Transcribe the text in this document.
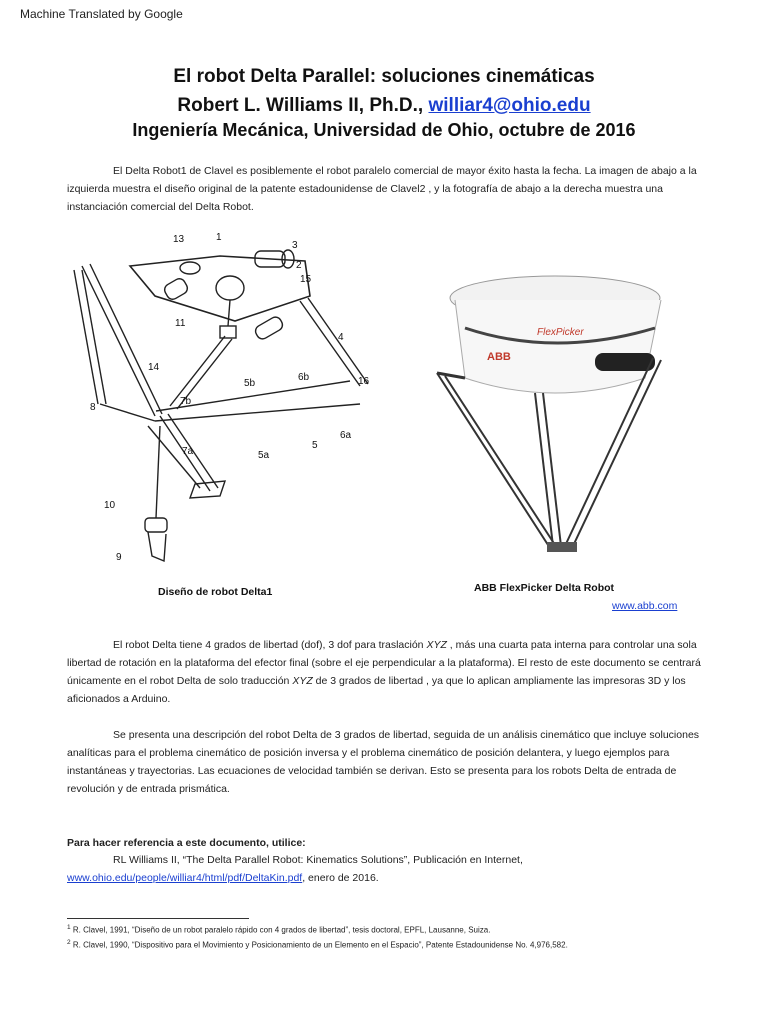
Machine Translated by Google
El robot Delta Parallel: soluciones cinemáticas
Robert L. Williams II, Ph.D., williar4@ohio.edu
Ingeniería Mecánica, Universidad de Ohio, octubre de 2016
El Delta Robot1 de Clavel es posiblemente el robot paralelo comercial de mayor éxito hasta la fecha. La imagen de abajo a la izquierda muestra el diseño original de la patente estadounidense de Clavel2 , y la fotografía de abajo a la derecha muestra una instanciación comercial del Delta Robot.
13	1
3
2
15
11
4
14
6b	16
5b
8
7b
6a
7a
5
5a
10
9
FlexPicker
ABB
Diseño de robot Delta1	ABB FlexPicker Delta Robot
www.abb.com
El robot Delta tiene 4 grados de libertad (dof), 3 dof para traslación XYZ , más una cuarta pata interna para controlar una sola libertad de rotación en la plataforma del efector final (sobre el eje perpendicular a la plataforma). El resto de este documento se centrará únicamente en el robot Delta de solo traducción XYZ de 3 grados de libertad , ya que lo aplican ampliamente las impresoras 3D y los aficionados a Arduino.
Se presenta una descripción del robot Delta de 3 grados de libertad, seguida de un análisis cinemático que incluye soluciones analíticas para el problema cinemático de posición inversa y el problema cinemático de posición delantera, y luego ejemplos para instantáneas y trayectorias. Las ecuaciones de velocidad también se derivan. Esto se presenta para los robots Delta de entrada de revolución y de entrada prismática.
Para hacer referencia a este documento, utilice:
RL Williams II, “The Delta Parallel Robot: Kinematics Solutions”, Publicación en Internet,
www.ohio.edu/people/williar4/html/pdf/DeltaKin.pdf, enero de 2016.
$^1$ R. Clavel, 1991, “Diseño de un robot paralelo rápido con 4 grados de libertad”, tesis doctoral, EPFL, Lausanne, Suiza.
$^2$ R. Clavel, 1990, “Dispositivo para el Movimiento y Posicionamiento de un Elemento en el Espacio”, Patente Estadounidense No. 4,976,582.
